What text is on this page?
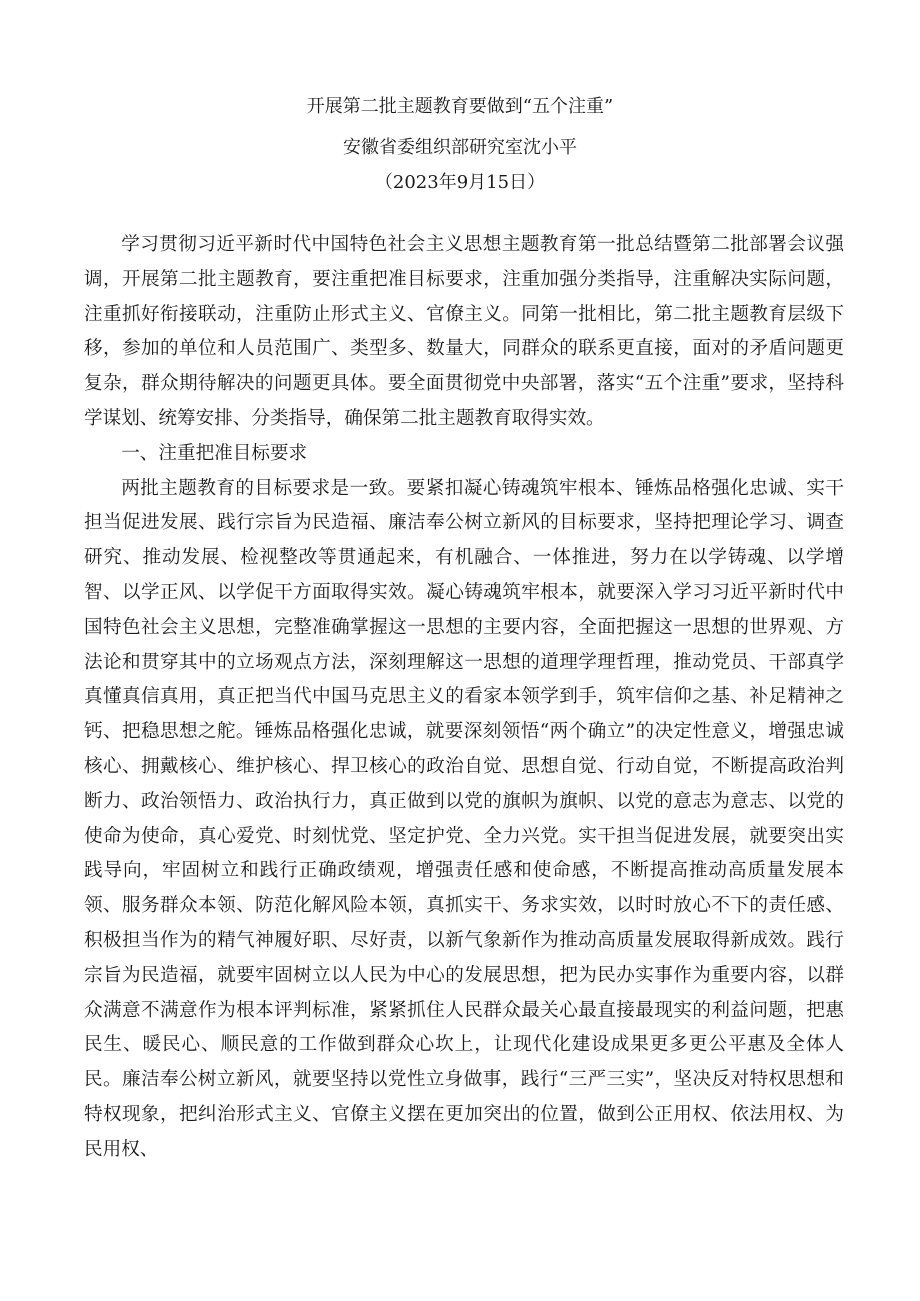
开展第二批主题教育要做到“五个注重”
安徽省委组织部研究室沈小平
（2023年9月15日）

学习贯彻习近平新时代中国特色社会主义思想主题教育第一批总结暨第二批部署会议强调，开展第二批主题教育，要注重把准目标要求，注重加强分类指导，注重解决实际问题，注重抓好衔接联动，注重防止形式主义、官僚主义。同第一批相比，第二批主题教育层级下移，参加的单位和人员范围广、类型多、数量大，同群众的联系更直接，面对的矛盾问题更复杂，群众期待解决的问题更具体。要全面贯彻党中央部署，落实“五个注重”要求，坚持科学谋划、统筹安排、分类指导，确保第二批主题教育取得实效。

一、注重把准目标要求

两批主题教育的目标要求是一致。要紧扣凝心铸魂筑牢根本、锤炼品格强化忠诚、实干担当促进发展、践行宗旨为民造福、廉洁奉公树立新风的目标要求，坚持把理论学习、调查研究、推动发展、检视整改等贯通起来，有机融合、一体推进，努力在以学铸魂、以学增智、以学正风、以学促干方面取得实效。凝心铸魂筑牢根本，就要深入学习习近平新时代中国特色社会主义思想，完整准确掌握这一思想的主要内容，全面把握这一思想的世界观、方法论和贯穿其中的立场观点方法，深刻理解这一思想的道理学理哲理，推动党员、干部真学真懂真信真用，真正把当代中国马克思主义的看家本领学到手，筑牢信仰之基、补足精神之钙、把稳思想之舵。锤炼品格强化忠诚，就要深刻领悟“两个确立”的决定性意义，增强忠诚核心、拥戴核心、维护核心、捍卫核心的政治自觉、思想自觉、行动自觉，不断提高政治判断力、政治领悟力、政治执行力，真正做到以党的旗帜为旗帜、以党的意志为意志、以党的使命为使命，真心爱党、时刻忧党、坚定护党、全力兴党。实干担当促进发展，就要突出实践导向，牢固树立和践行正确政绩观，增强责任感和使命感，不断提高推动高质量发展本领、服务群众本领、防范化解风险本领，真抓实干、务求实效，以时时放心不下的责任感、积极担当作为的精气神履好职、尽好责，以新气象新作为推动高质量发展取得新成效。践行宗旨为民造福，就要牢固树立以人民为中心的发展思想，把为民办实事作为重要内容，以群众满意不满意作为根本评判标准，紧紧抓住人民群众最关心最直接最现实的利益问题，把惠民生、暖民心、顺民意的工作做到群众心坎上，让现代化建设成果更多更公平惠及全体人民。廉洁奉公树立新风，就要坚持以党性立身做事，践行“三严三实”，坚决反对特权思想和特权现象，把纠治形式主义、官僚主义摆在更加突出的位置，做到公正用权、依法用权、为民用权、
